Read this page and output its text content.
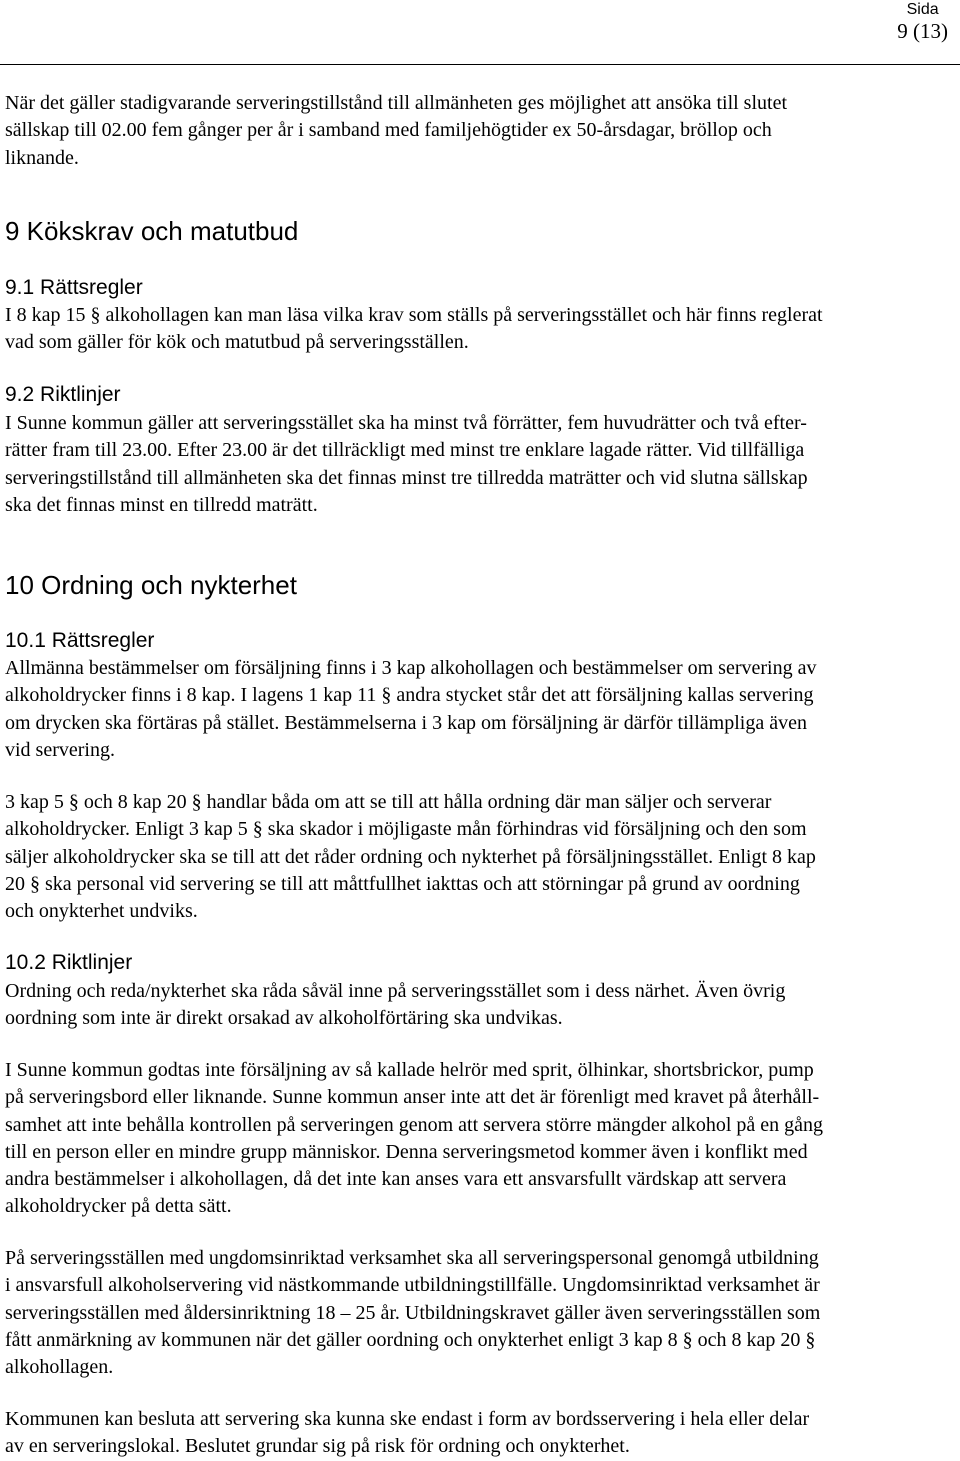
Sida
9 (13)
När det gäller stadigvarande serveringstillstånd till allmänheten ges möjlighet att ansöka till slutet
sällskap till 02.00 fem gånger per år i samband med familjehögtider ex 50-årsdagar, bröllop och
liknande.
9 Kökskrav och matutbud
9.1 Rättsregler
I 8 kap 15 § alkohollagen kan man läsa vilka krav som ställs på serveringsstället och här finns reglerat
vad som gäller för kök och matutbud på serveringsställen.
9.2 Riktlinjer
I Sunne kommun gäller att serveringsstället ska ha minst två förrätter, fem huvudrätter och två efter-
rätter fram till 23.00. Efter 23.00 är det tillräckligt med minst tre enklare lagade rätter. Vid tillfälliga
serveringstillstånd till allmänheten ska det finnas minst tre tillredda maträtter och vid slutna sällskap
ska det finnas minst en tillredd maträtt.
10 Ordning och nykterhet
10.1 Rättsregler
Allmänna bestämmelser om försäljning finns i 3 kap alkohollagen och bestämmelser om servering av
alkoholdrycker finns i 8 kap. I lagens 1 kap 11 § andra stycket står det att försäljning kallas servering
om drycken ska förtäras på stället. Bestämmelserna i 3 kap om försäljning är därför tillämpliga även
vid servering.
3 kap 5 § och 8 kap 20 § handlar båda om att se till att hålla ordning där man säljer och serverar
alkoholdrycker. Enligt 3 kap 5 § ska skador i möjligaste mån förhindras vid försäljning och den som
säljer alkoholdrycker ska se till att det råder ordning och nykterhet på försäljningsstället. Enligt 8 kap
20 § ska personal vid servering se till att måttfullhet iakttas och att störningar på grund av oordning
och onykterhet undviks.
10.2 Riktlinjer
Ordning och reda/nykterhet ska råda såväl inne på serveringsstället som i dess närhet. Även övrig
oordning som inte är direkt orsakad av alkoholförtäring ska undvikas.
I Sunne kommun godtas inte försäljning av så kallade helrör med sprit, ölhinkar, shortsbrickor, pump
på serveringsbord eller liknande. Sunne kommun anser inte att det är förenligt med kravet på återhåll-
samhet att inte behålla kontrollen på serveringen genom att servera större mängder alkohol på en gång
till en person eller en mindre grupp människor. Denna serveringsmetod kommer även i konflikt med
andra bestämmelser i alkohollagen, då det inte kan anses vara ett ansvarsfullt värdskap att servera
alkoholdrycker på detta sätt.
På serveringsställen med ungdomsinriktad verksamhet ska all serveringspersonal genomgå utbildning
i ansvarsfull alkoholservering vid nästkommande utbildningstillfälle. Ungdomsinriktad verksamhet är
serveringsställen med åldersinriktning 18 – 25 år. Utbildningskravet gäller även serveringsställen som
fått anmärkning av kommunen när det gäller oordning och onykterhet enligt 3 kap 8 § och 8 kap 20 §
alkohollagen.
Kommunen kan besluta att servering ska kunna ske endast i form av bordsservering i hela eller delar
av en serveringslokal. Beslutet grundar sig på risk för ordning och onykterhet.
